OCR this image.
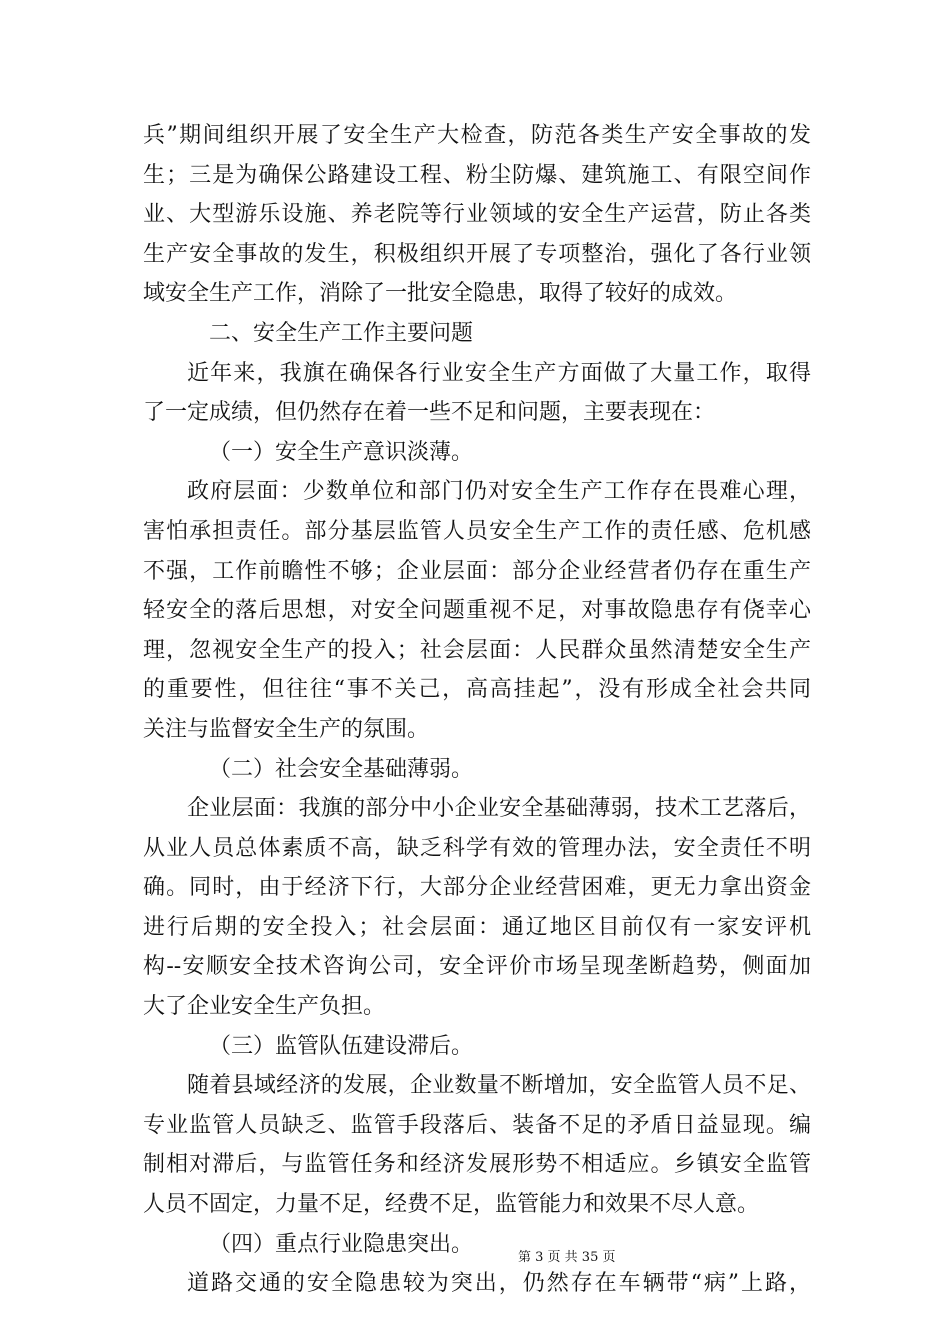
兵”期间组织开展了安全生产大检查，防范各类生产安全事故的发
生；三是为确保公路建设工程、粉尘防爆、建筑施工、有限空间作
业、大型游乐设施、养老院等行业领域的安全生产运营，防止各类
生产安全事故的发生，积极组织开展了专项整治，强化了各行业领
域安全生产工作，消除了一批安全隐患，取得了较好的成效。
二、安全生产工作主要问题
近年来，我旗在确保各行业安全生产方面做了大量工作，取得
了一定成绩，但仍然存在着一些不足和问题，主要表现在：
（一）安全生产意识淡薄。
政府层面：少数单位和部门仍对安全生产工作存在畏难心理，
害怕承担责任。部分基层监管人员安全生产工作的责任感、危机感
不强，工作前瞻性不够；企业层面：部分企业经营者仍存在重生产
轻安全的落后思想，对安全问题重视不足，对事故隐患存有侥幸心
理，忽视安全生产的投入；社会层面：人民群众虽然清楚安全生产
的重要性，但往往“事不关己，高高挂起”，没有形成全社会共同
关注与监督安全生产的氛围。
（二）社会安全基础薄弱。
企业层面：我旗的部分中小企业安全基础薄弱，技术工艺落后，
从业人员总体素质不高，缺乏科学有效的管理办法，安全责任不明
确。同时，由于经济下行，大部分企业经营困难，更无力拿出资金
进行后期的安全投入；社会层面：通辽地区目前仅有一家安评机
构--安顺安全技术咨询公司，安全评价市场呈现垄断趋势，侧面加
大了企业安全生产负担。
（三）监管队伍建设滞后。
随着县域经济的发展，企业数量不断增加，安全监管人员不足、
专业监管人员缺乏、监管手段落后、装备不足的矛盾日益显现。编
制相对滞后，与监管任务和经济发展形势不相适应。乡镇安全监管
人员不固定，力量不足，经费不足，监管能力和效果不尽人意。
（四）重点行业隐患突出。
道路交通的安全隐患较为突出，仍然存在车辆带“病”上路，
第 3 页 共 35 页
